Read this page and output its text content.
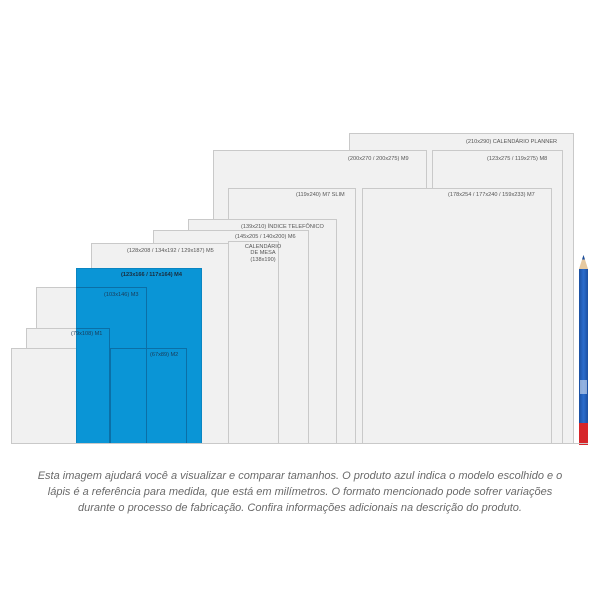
(210x290) CALENDÁRIO PLANNER
(200x270 / 200x275) M9	(123x275 / 119x275) M8
(119x240) M7 SLIM	(178x254 / 177x240 / 159x233) M7
(139x210) ÍNDICE TELEFÔNICO
(145x205 / 140x200) M6
CALENDÁRIO
DE MESA
(138x190)
(128x208 / 134x192 / 129x187) M5
(123x166 / 117x164) M4
(103x146) M3
(79x108) M1
(67x89) M2

Esta imagem ajudará você a visualizar e comparar tamanhos. O produto azul indica o modelo escolhido e o lápis é a referência para medida, que está em milímetros. O formato mencionado pode sofrer variações durante o processo de fabricação. Confira informações adicionais na descrição do produto.
